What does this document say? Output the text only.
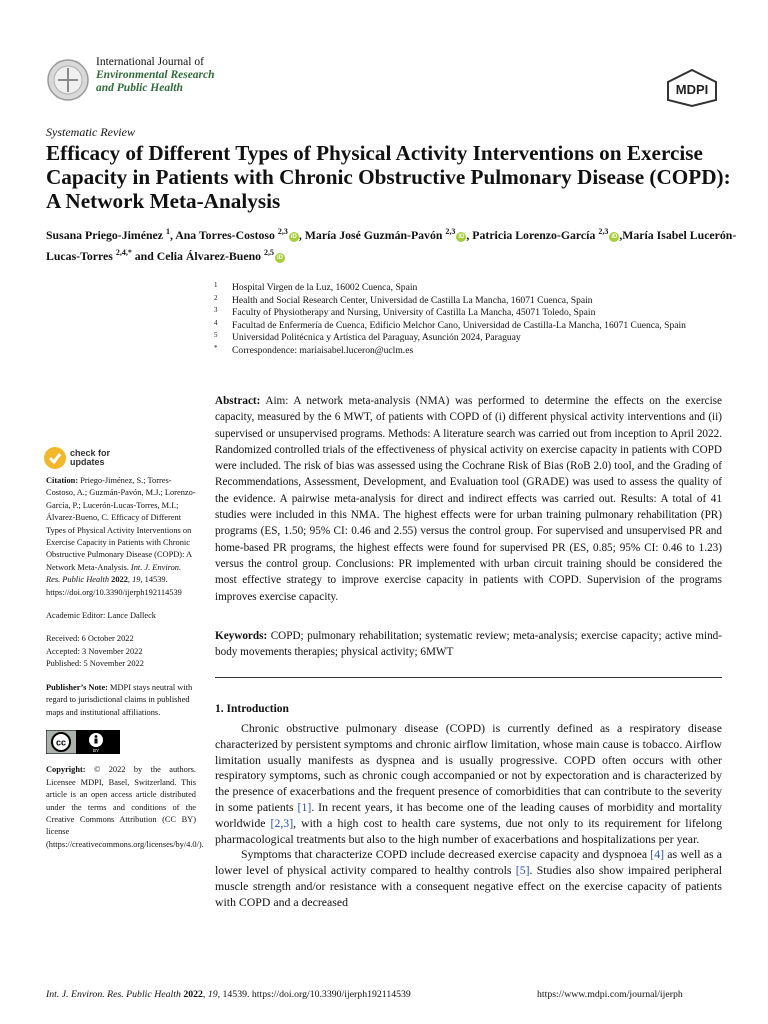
International Journal of
Environmental Research
and Public Health	MDPI
Systematic Review
Efficacy of Different Types of Physical Activity Interventions on Exercise Capacity in Patients with Chronic Obstructive Pulmonary Disease (COPD): A Network Meta-Analysis
Susana Priego-Jiménez $^1$, Ana Torres-Costoso $^{2,3}$iD , María José Guzmán-Pavón $^{2,3}$iD , Patricia Lorenzo-García $^{2,3}$iD ,María Isabel Lucerón-Lucas-Torres $^{2,4,*}$ and Celia Álvarez-Bueno $^{2,5}$iD
1 Hospital Virgen de la Luz, 16002 Cuenca, Spain
2 Health and Social Research Center, Universidad de Castilla La Mancha, 16071 Cuenca, Spain
3 Faculty of Physiotherapy and Nursing, University of Castilla La Mancha, 45071 Toledo, Spain
4 Facultad de Enfermería de Cuenca, Edificio Melchor Cano, Universidad de Castilla-La Mancha, 16071 Cuenca, Spain
5 Universidad Politécnica y Artística del Paraguay, Asunción 2024, Paraguay
* Correspondence: mariaisabel.luceron@uclm.es
Abstract: Aim: A network meta-analysis (NMA) was performed to determine the effects on the exercise capacity, measured by the 6 MWT, of patients with COPD of (i) different physical activity interventions and (ii) supervised or unsupervised programs. Methods: A literature search was carried out from inception to April 2022. Randomized controlled trials of the effectiveness of physical activity on exercise capacity in patients with COPD were included. The risk of bias was assessed using the Cochrane Risk of Bias (RoB 2.0) tool, and the Grading of Recommendations, Assessment, Development, and Evaluation tool (GRADE) was used to assess the quality of the evidence. A pairwise meta-analysis for direct and indirect effects was carried out. Results: A total of 41 studies were included in this NMA. The highest effects were for urban training pulmonary rehabilitation (PR) programs (ES, 1.50; 95% CI: 0.46 and 2.55) versus the control group. For supervised and unsupervised PR and home-based PR programs, the highest effects were found for supervised PR (ES, 0.85; 95% CI: 0.46 to 1.23) versus the control group. Conclusions: PR implemented with urban circuit training should be considered the most effective strategy to improve exercise capacity in patients with COPD. Supervision of the programs improves exercise capacity.
Keywords: COPD; pulmonary rehabilitation; systematic review; meta-analysis; exercise capacity; active mind-body movements therapies; physical activity; 6MWT
1. Introduction

Chronic obstructive pulmonary disease (COPD) is currently defined as a respiratory disease characterized by persistent symptoms and chronic airflow limitation, whose main cause is tobacco. Airflow limitation usually manifests as dyspnea and is usually progressive. COPD often occurs with other respiratory symptoms, such as chronic cough accompanied or not by expectoration and is characterized by the presence of exacerbations and the frequent presence of comorbidities that can contribute to the severity in some patients [1]. In recent years, it has become one of the leading causes of morbidity and mortality worldwide [2,3], with a high cost to health care systems, due not only to its requirement for lifelong pharmacological treatments but also to the high number of exacerbations and hospitalizations per year.

Symptoms that characterize COPD include decreased exercise capacity and dyspnoea [4] as well as a lower level of physical activity compared to healthy controls [5]. Studies also show impaired peripheral muscle strength and/or resistance with a consequent negative effect on the exercise capacity of patients with COPD and a decreased

check for
updates
Citation: Priego-Jiménez, S.; Torres-Costoso, A.; Guzmán-Pavón, M.J.; Lorenzo-García, P.; Lucerón-Lucas-Torres, M.I.; Álvarez-Bueno, C. Efficacy of Different Types of Physical Activity Interventions on Exercise Capacity in Patients with Chronic Obstructive Pulmonary Disease (COPD): A Network Meta-Analysis. Int. J. Environ. Res. Public Health 2022, 19, 14539. https://doi.org/10.3390/ijerph192114539
Academic Editor: Lance Dalleck
Received: 6 October 2022
Accepted: 3 November 2022
Published: 5 November 2022
Publisher’s Note: MDPI stays neutral with regard to jurisdictional claims in published maps and institutional affiliations.
cc
BY
Copyright: © 2022 by the authors. Licensee MDPI, Basel, Switzerland. This article is an open access article distributed under the terms and conditions of the Creative Commons Attribution (CC BY) license (https://creativecommons.org/licenses/by/4.0/).
Int. J. Environ. Res. Public Health 2022, 19, 14539. https://doi.org/10.3390/ijerph192114539	https://www.mdpi.com/journal/ijerph
